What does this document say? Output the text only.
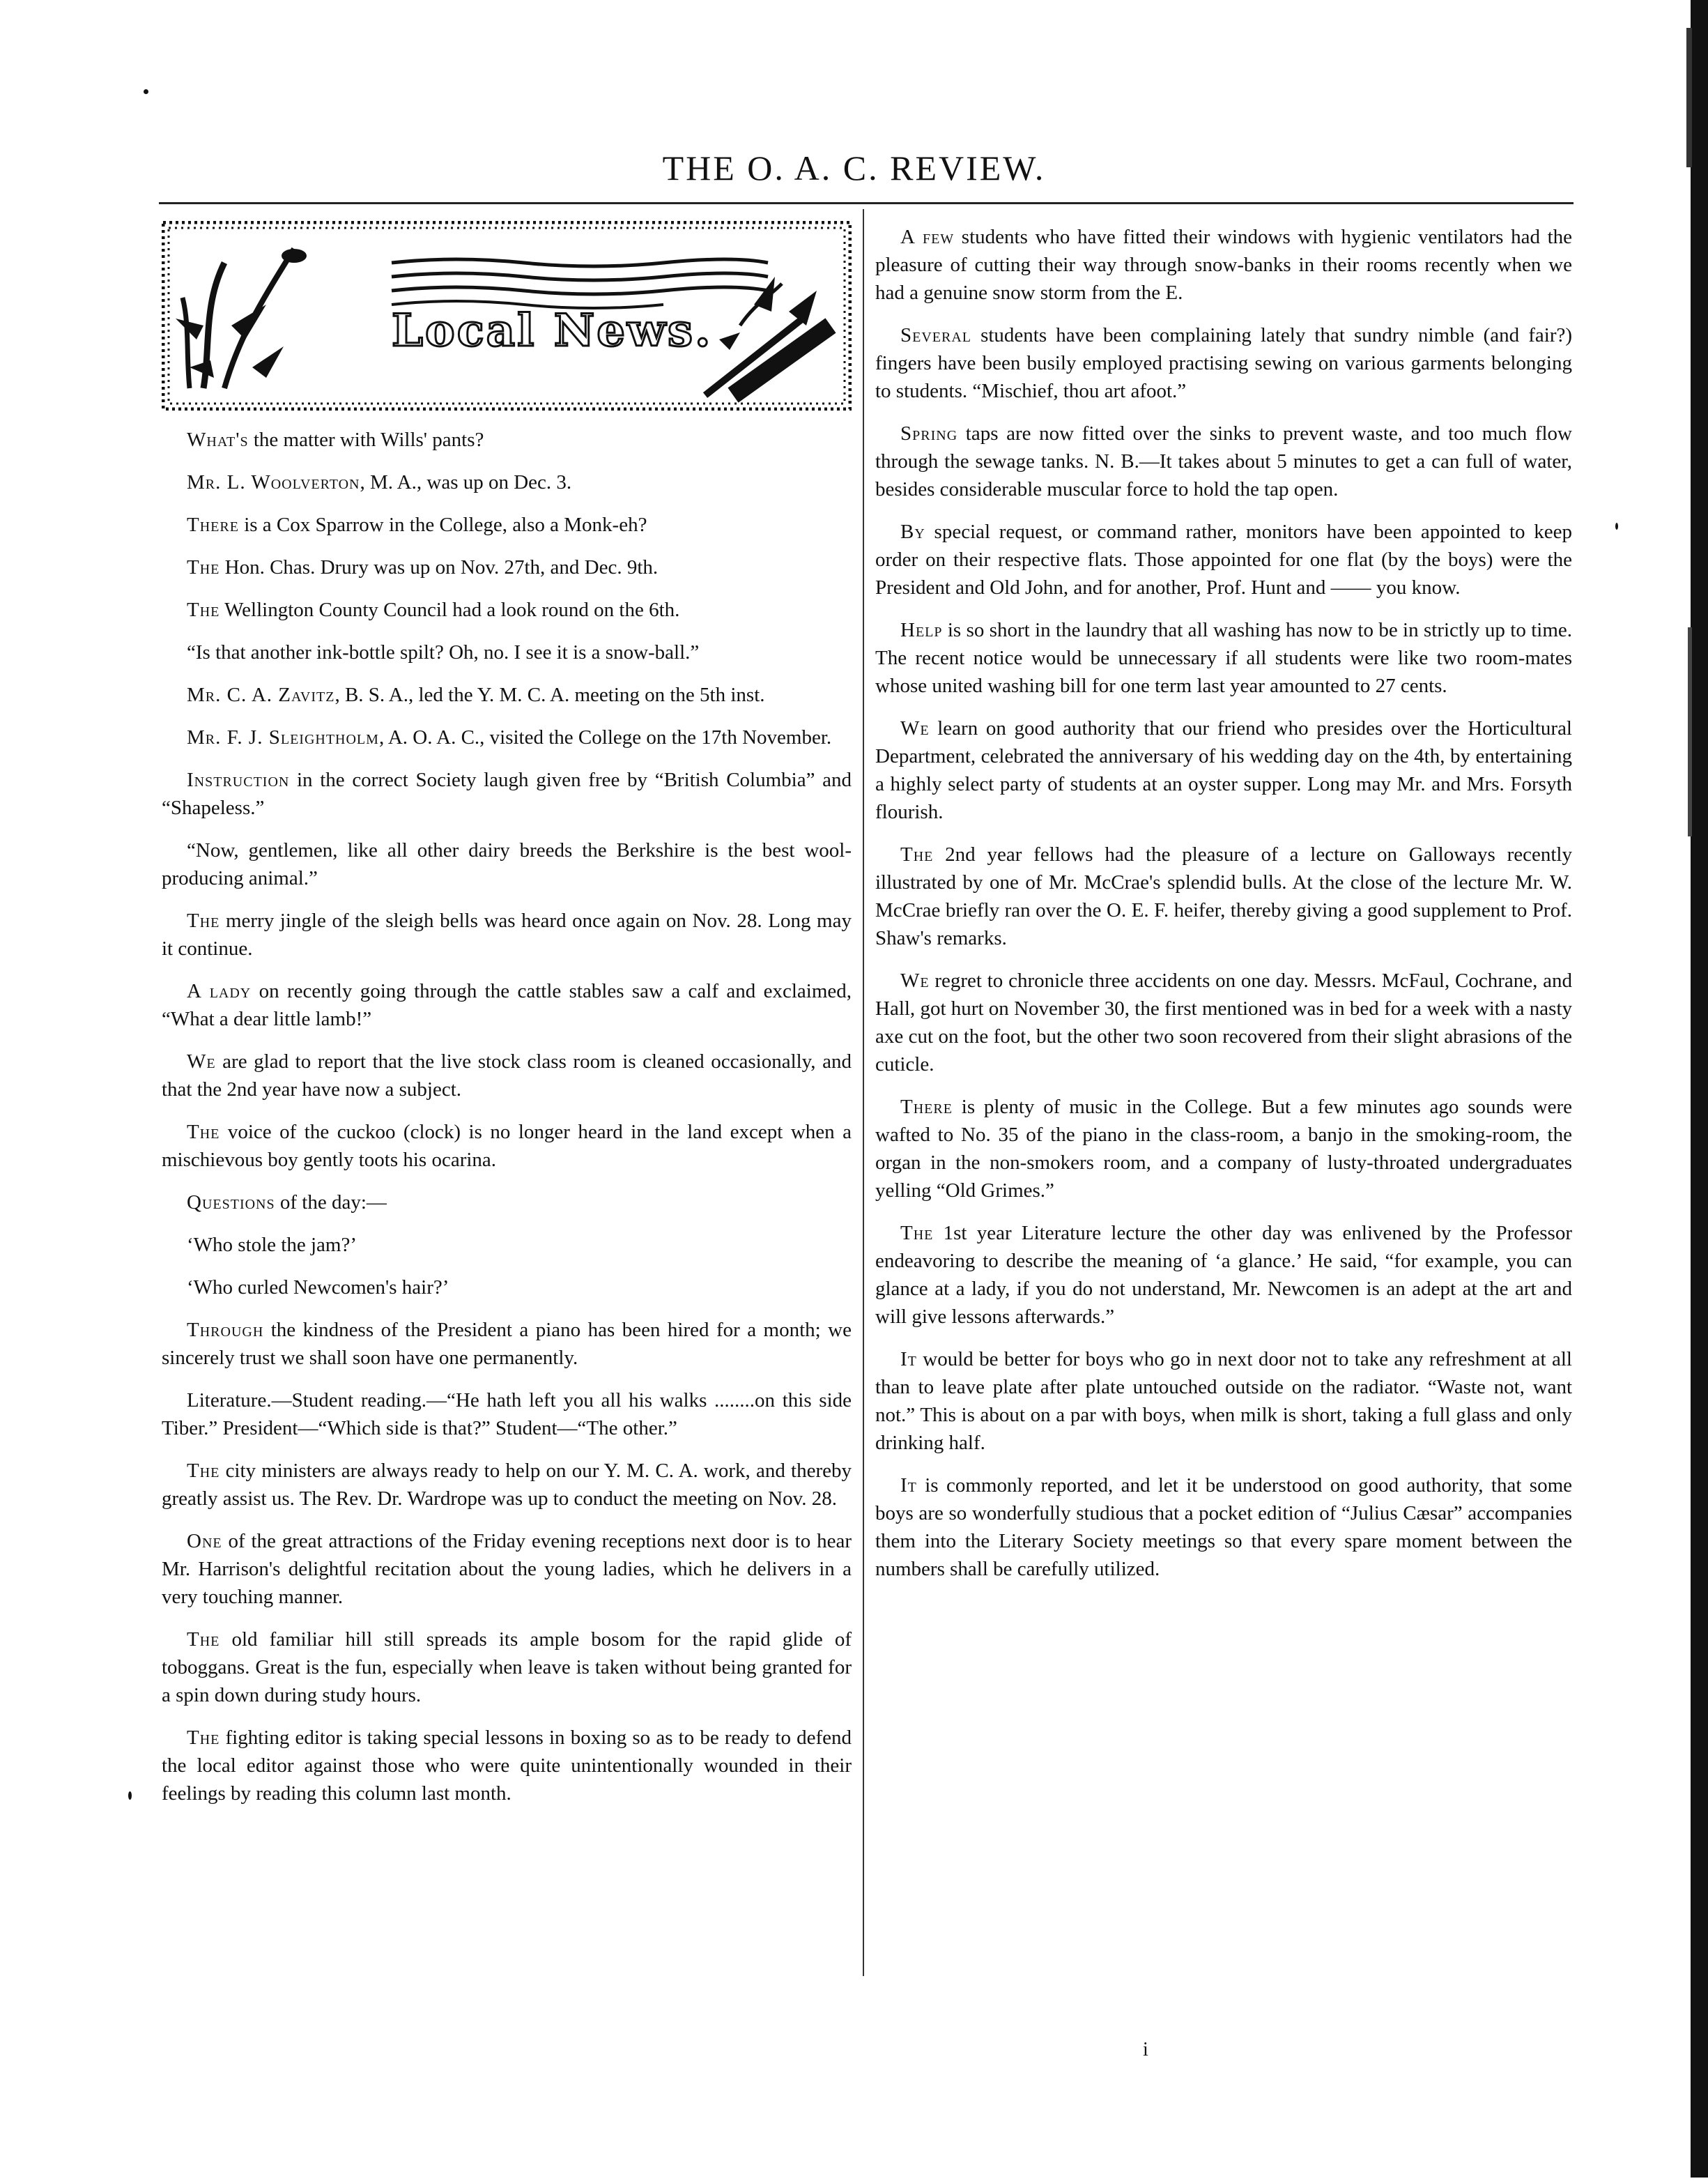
THE O. A. C. REVIEW.
Local News.

What's the matter with Wills' pants?

Mr. L. Woolverton, M. A., was up on Dec. 3.

There is a Cox Sparrow in the College, also a Monk-eh?

The Hon. Chas. Drury was up on Nov. 27th, and Dec. 9th.

The Wellington County Council had a look round on the 6th.

“Is that another ink-bottle spilt? Oh, no. I see it is a snow-ball.”

Mr. C. A. Zavitz, B. S. A., led the Y. M. C. A. meeting on the 5th inst.

Mr. F. J. Sleightholm, A. O. A. C., visited the College on the 17th November.

Instruction in the correct Society laugh given free by “British Columbia” and “Shapeless.”

“Now, gentlemen, like all other dairy breeds the Berkshire is the best wool-producing animal.”

The merry jingle of the sleigh bells was heard once again on Nov. 28. Long may it continue.

A lady on recently going through the cattle stables saw a calf and exclaimed, “What a dear little lamb!”

We are glad to report that the live stock class room is cleaned occasionally, and that the 2nd year have now a subject.

The voice of the cuckoo (clock) is no longer heard in the land except when a mischievous boy gently toots his ocarina.

Questions of the day:—

‘Who stole the jam?’

‘Who curled Newcomen's hair?’

Through the kindness of the President a piano has been hired for a month; we sincerely trust we shall soon have one permanently.

Literature.—Student reading.—“He hath left you all his walks ........on this side Tiber.” President—“Which side is that?” Student—“The other.”

The city ministers are always ready to help on our Y. M. C. A. work, and thereby greatly assist us. The Rev. Dr. Wardrope was up to conduct the meeting on Nov. 28.

One of the great attractions of the Friday evening receptions next door is to hear Mr. Harrison's delightful recitation about the young ladies, which he delivers in a very touching manner.

The old familiar hill still spreads its ample bosom for the rapid glide of toboggans. Great is the fun, especially when leave is taken without being granted for a spin down during study hours.

The fighting editor is taking special lessons in boxing so as to be ready to defend the local editor against those who were quite unintentionally wounded in their feelings by reading this column last month.

A few students who have fitted their windows with hygienic ventilators had the pleasure of cutting their way through snow-banks in their rooms recently when we had a genuine snow storm from the E.

Several students have been complaining lately that sundry nimble (and fair?) fingers have been busily employed practising sewing on various garments belonging to students. “Mischief, thou art afoot.”

Spring taps are now fitted over the sinks to prevent waste, and too much flow through the sewage tanks. N. B.—It takes about 5 minutes to get a can full of water, besides considerable muscular force to hold the tap open.

By special request, or command rather, monitors have been appointed to keep order on their respective flats. Those appointed for one flat (by the boys) were the President and Old John, and for another, Prof. Hunt and —— you know.

Help is so short in the laundry that all washing has now to be in strictly up to time. The recent notice would be unnecessary if all students were like two room-mates whose united washing bill for one term last year amounted to 27 cents.

We learn on good authority that our friend who presides over the Horticultural Department, celebrated the anniversary of his wedding day on the 4th, by entertaining a highly select party of students at an oyster supper. Long may Mr. and Mrs. Forsyth flourish.

The 2nd year fellows had the pleasure of a lecture on Galloways recently illustrated by one of Mr. McCrae's splendid bulls. At the close of the lecture Mr. W. McCrae briefly ran over the O. E. F. heifer, thereby giving a good supplement to Prof. Shaw's remarks.

We regret to chronicle three accidents on one day. Messrs. McFaul, Cochrane, and Hall, got hurt on November 30, the first mentioned was in bed for a week with a nasty axe cut on the foot, but the other two soon recovered from their slight abrasions of the cuticle.

There is plenty of music in the College. But a few minutes ago sounds were wafted to No. 35 of the piano in the class-room, a banjo in the smoking-room, the organ in the non-smokers room, and a company of lusty-throated undergraduates yelling “Old Grimes.”

The 1st year Literature lecture the other day was enlivened by the Professor endeavoring to describe the meaning of ‘a glance.’ He said, “for example, you can glance at a lady, if you do not understand, Mr. Newcomen is an adept at the art and will give lessons afterwards.”

It would be better for boys who go in next door not to take any refreshment at all than to leave plate after plate untouched outside on the radiator. “Waste not, want not.” This is about on a par with boys, when milk is short, taking a full glass and only drinking half.

It is commonly reported, and let it be understood on good authority, that some boys are so wonderfully studious that a pocket edition of “Julius Cæsar” accompanies them into the Literary Society meetings so that every spare moment between the numbers shall be carefully utilized.

i
